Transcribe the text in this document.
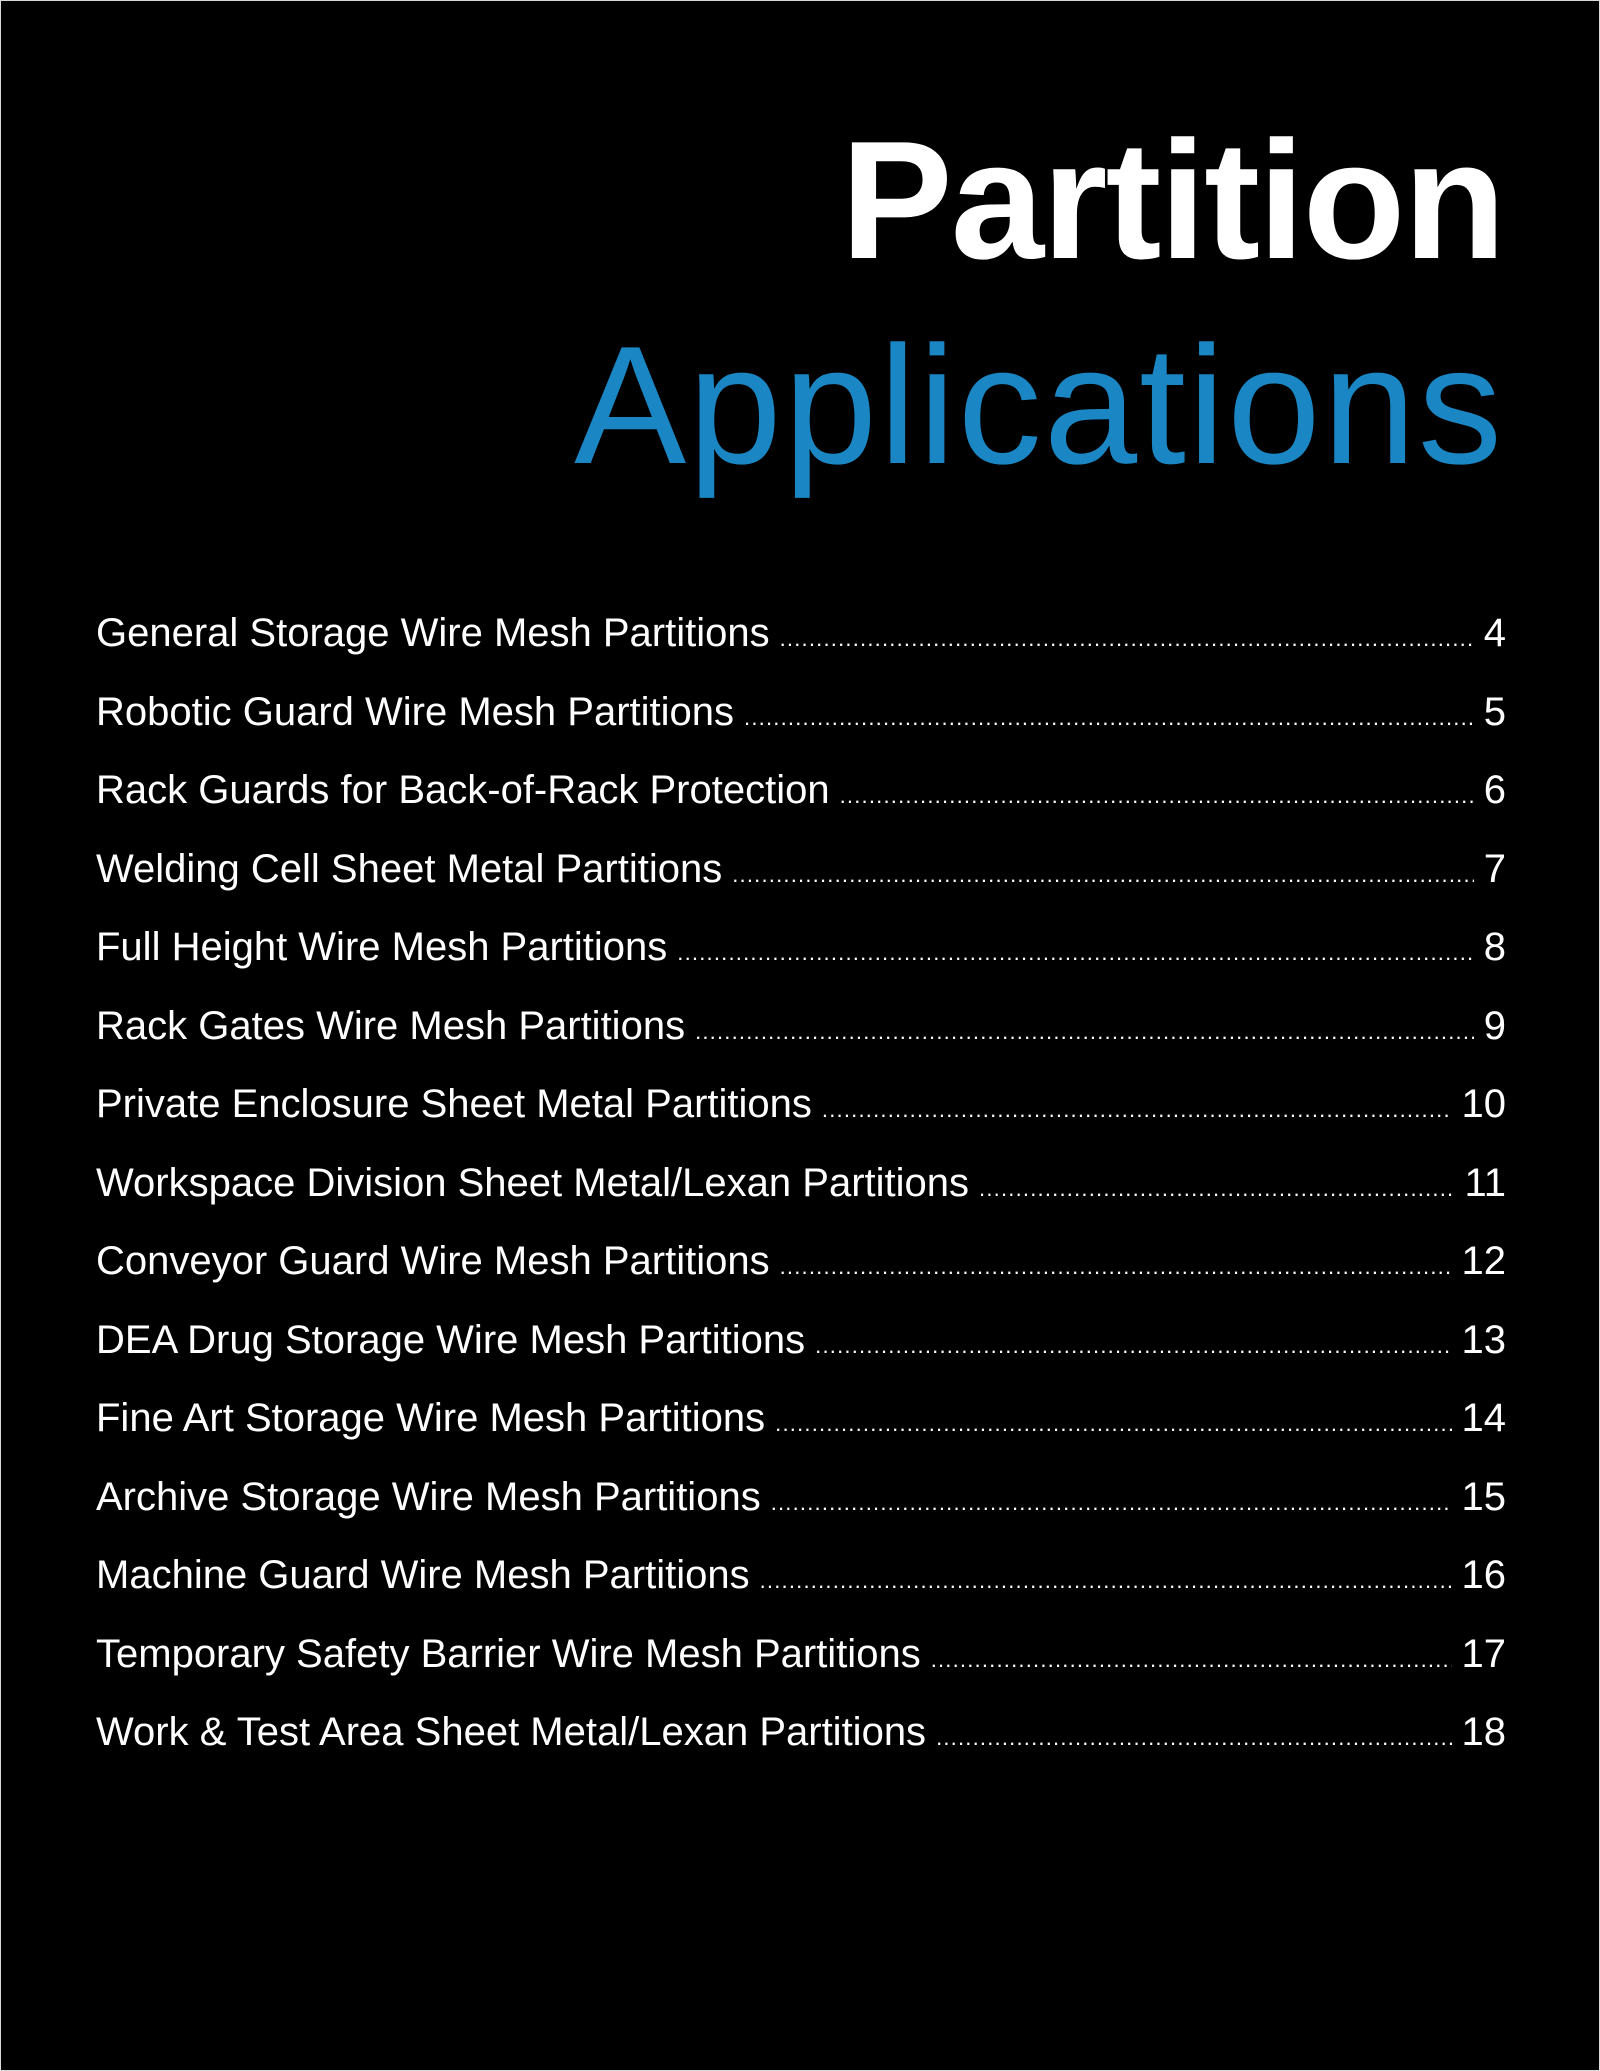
Partition
Applications
General Storage Wire Mesh Partitions .....	4
Robotic Guard Wire Mesh Partitions .....	5
Rack Guards for Back-of-Rack Protection .....	6
Welding Cell Sheet Metal Partitions .....	7
Full Height Wire Mesh Partitions .....	8
Rack Gates Wire Mesh Partitions .....	9
Private Enclosure Sheet Metal Partitions .....	10
Workspace Division Sheet Metal/Lexan Partitions .....	11
Conveyor Guard Wire Mesh Partitions .....	12
DEA Drug Storage Wire Mesh Partitions .....	13
Fine Art Storage Wire Mesh Partitions .....	14
Archive Storage Wire Mesh Partitions .....	15
Machine Guard Wire Mesh Partitions .....	16
Temporary Safety Barrier Wire Mesh Partitions .....	17
Work & Test Area Sheet Metal/Lexan Partitions .....	18
